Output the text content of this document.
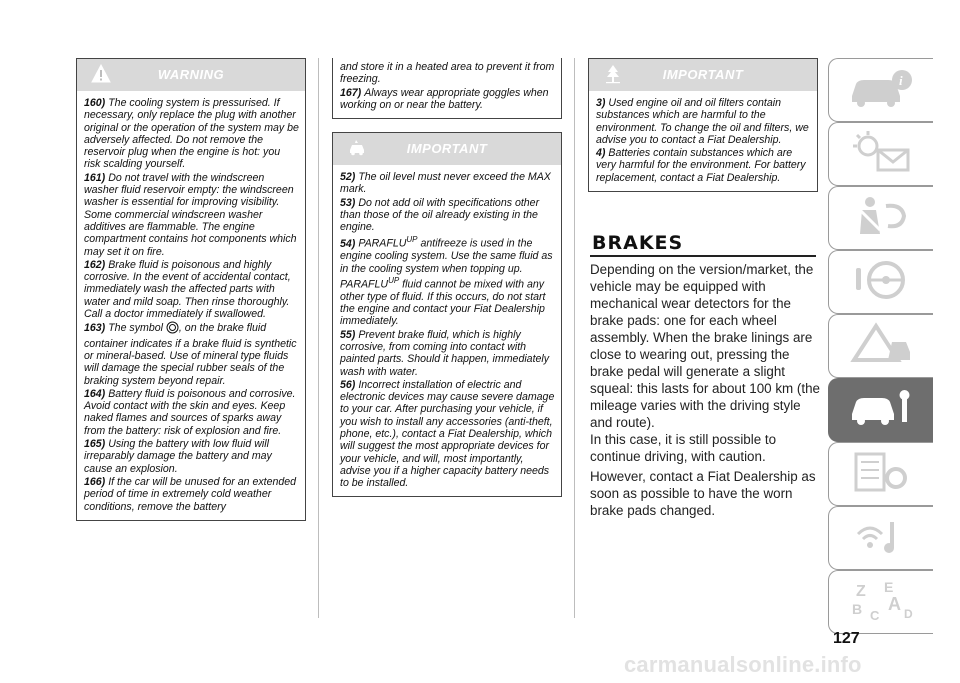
WARNING

160) The cooling system is pressurised. If necessary, only replace the plug with another original or the operation of the system may be adversely affected. Do not remove the reservoir plug when the engine is hot: you risk scalding yourself.

161) Do not travel with the windscreen washer fluid reservoir empty: the windscreen washer is essential for improving visibility. Some commercial windscreen washer additives are flammable. The engine compartment contains hot components which may set it on fire.

162) Brake fluid is poisonous and highly corrosive. In the event of accidental contact, immediately wash the affected parts with water and mild soap. Then rinse thoroughly. Call a doctor immediately if swallowed.

163) The symbol , on the brake fluid container indicates if a brake fluid is synthetic or mineral-based. Use of mineral type fluids will damage the special rubber seals of the braking system beyond repair.

164) Battery fluid is poisonous and corrosive. Avoid contact with the skin and eyes. Keep naked flames and sources of sparks away from the battery: risk of explosion and fire.

165) Using the battery with low fluid will irreparably damage the battery and may cause an explosion.

166) If the car will be unused for an extended period of time in extremely cold weather conditions, remove the battery

and store it in a heated area to prevent it from freezing.

167) Always wear appropriate goggles when working on or near the battery.

IMPORTANT

52) The oil level must never exceed the MAX mark.

53) Do not add oil with specifications other than those of the oil already existing in the engine.

54) $PARAFLU^{UP}$ antifreeze is used in the engine cooling system. Use the same fluid as in the cooling system when topping up.
$PARAFLU^{UP}$ fluid cannot be mixed with any other type of fluid. If this occurs, do not start the engine and contact your Fiat Dealership immediately.

55) Prevent brake fluid, which is highly corrosive, from coming into contact with painted parts. Should it happen, immediately wash with water.

56) Incorrect installation of electric and electronic devices may cause severe damage to your car. After purchasing your vehicle, if you wish to install any accessories (anti-theft, phone, etc.), contact a Fiat Dealership, which will suggest the most appropriate devices for your vehicle, and will, most importantly, advise you if a higher capacity battery needs to be installed.

IMPORTANT

3) Used engine oil and oil filters contain substances which are harmful to the environment. To change the oil and filters, we advise you to contact a Fiat Dealership.

4) Batteries contain substances which are very harmful for the environment. For battery replacement, contact a Fiat Dealership.

BRAKES

Depending on the version/market, the vehicle may be equipped with mechanical wear detectors for the brake pads: one for each wheel assembly. When the brake linings are close to wearing out, pressing the brake pedal will generate a slight squeal: this lasts for about 100 km (the mileage varies with the driving style and route).

In this case, it is still possible to continue driving, with caution.

However, contact a Fiat Dealership as soon as possible to have the worn brake pads changed.

i
Z E
A
B C D
127
carmanualsonline.info
